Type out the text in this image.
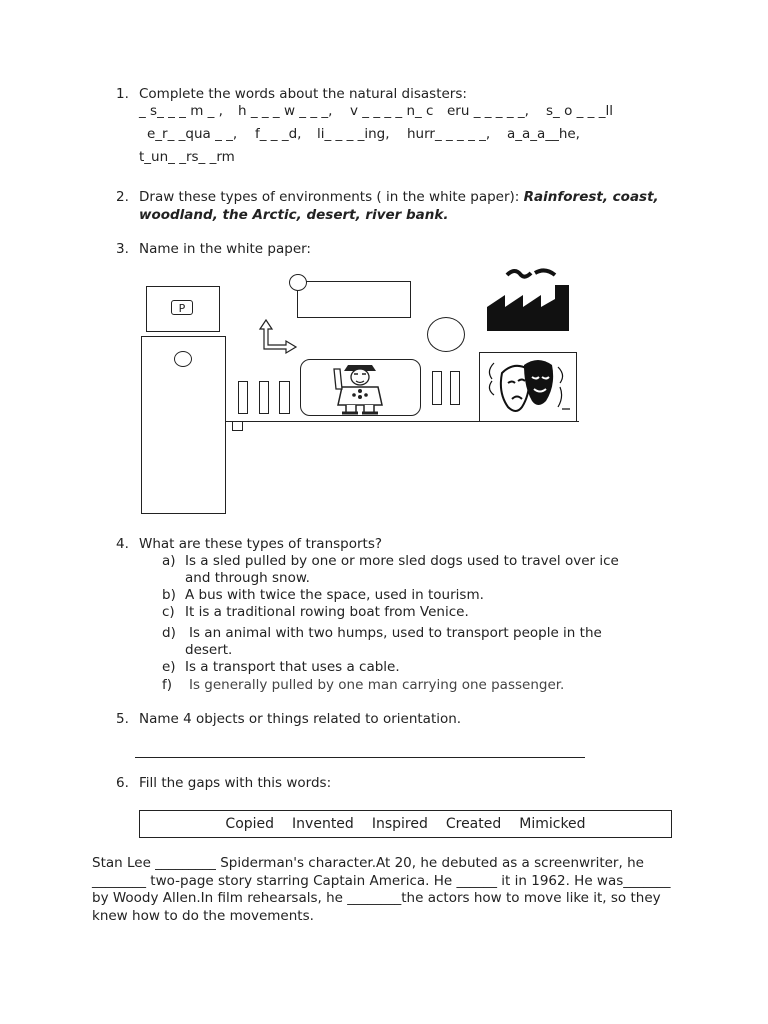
1. Complete the words about the natural disasters:
_ s_ _ _ m _ , h _ _ _ w _ _ _, v _ _ _ _ n_ c eru _ _ _ _ _, s_ o _ _ _ll
e_r_ _qua _ _, f_ _ _d, li_ _ _ _ing, hurr_ _ _ _ _, a_a_a__he,
t_un_ _rs_ _rm
2. Draw these types of environments ( in the white paper): Rainforest, coast,
woodland, the Arctic, desert, river bank.
3. Name in the white paper:
P
4. What are these types of transports?
a) Is a sled pulled by one or more sled dogs used to travel over ice
and through snow.
b) A bus with twice the space, used in tourism.
c) It is a traditional rowing boat from Venice.
d) Is an animal with two humps, used to transport people in the
desert.
e) Is a transport that uses a cable.
f) Is generally pulled by one man carrying one passenger.
5. Name 4 objects or things related to orientation.
6. Fill the gaps with this words:
Copied Invented Inspired Created Mimicked
Stan Lee _________ Spiderman's character.At 20, he debuted as a screenwriter, he ________ two-page story starring Captain America. He ______ it in 1962. He was_______ by Woody Allen.In film rehearsals, he ________the actors how to move like it, so they knew how to do the movements.
